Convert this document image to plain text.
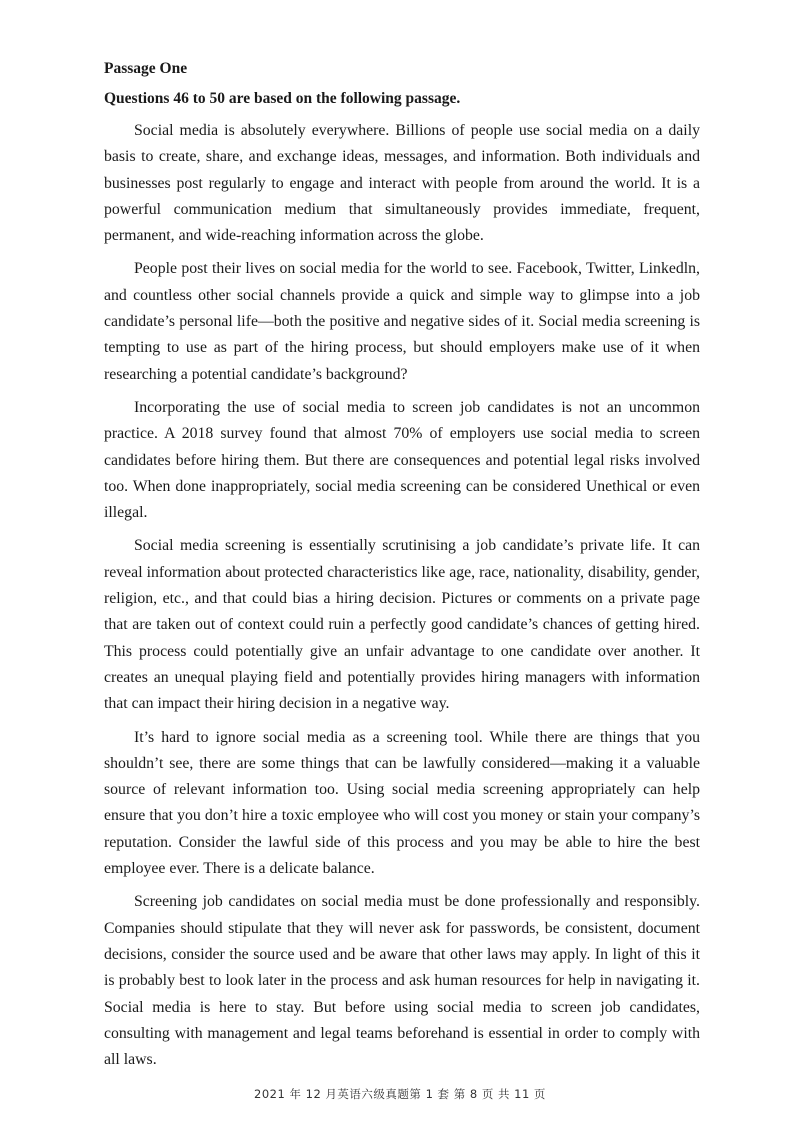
Passage One

Questions 46 to 50 are based on the following passage.

Social media is absolutely everywhere. Billions of people use social media on a daily basis to create, share, and exchange ideas, messages, and information. Both individuals and businesses post regularly to engage and interact with people from around the world. It is a powerful communication medium that simultaneously provides immediate, frequent, permanent, and wide-reaching information across the globe.

People post their lives on social media for the world to see. Facebook, Twitter, Linkedln, and countless other social channels provide a quick and simple way to glimpse into a job candidate’s personal life—both the positive and negative sides of it. Social media screening is tempting to use as part of the hiring process, but should employers make use of it when researching a potential candidate’s background?

Incorporating the use of social media to screen job candidates is not an uncommon practice. A 2018 survey found that almost 70% of employers use social media to screen candidates before hiring them. But there are consequences and potential legal risks involved too. When done inappropriately, social media screening can be considered Unethical or even illegal.

Social media screening is essentially scrutinising a job candidate’s private life. It can reveal information about protected characteristics like age, race, nationality, disability, gender, religion, etc., and that could bias a hiring decision. Pictures or comments on a private page that are taken out of context could ruin a perfectly good candidate’s chances of getting hired. This process could potentially give an unfair advantage to one candidate over another. It creates an unequal playing field and potentially provides hiring managers with information that can impact their hiring decision in a negative way.

It’s hard to ignore social media as a screening tool. While there are things that you shouldn’t see, there are some things that can be lawfully considered—making it a valuable source of relevant information too. Using social media screening appropriately can help ensure that you don’t hire a toxic employee who will cost you money or stain your company’s reputation. Consider the lawful side of this process and you may be able to hire the best employee ever. There is a delicate balance.

Screening job candidates on social media must be done professionally and responsibly. Companies should stipulate that they will never ask for passwords, be consistent, document decisions, consider the source used and be aware that other laws may apply. In light of this it is probably best to look later in the process and ask human resources for help in navigating it. Social media is here to stay. But before using social media to screen job candidates, consulting with management and legal teams beforehand is essential in order to comply with all laws.

2021 年 12 月英语六级真题第 1 套 第 8 页 共 11 页
